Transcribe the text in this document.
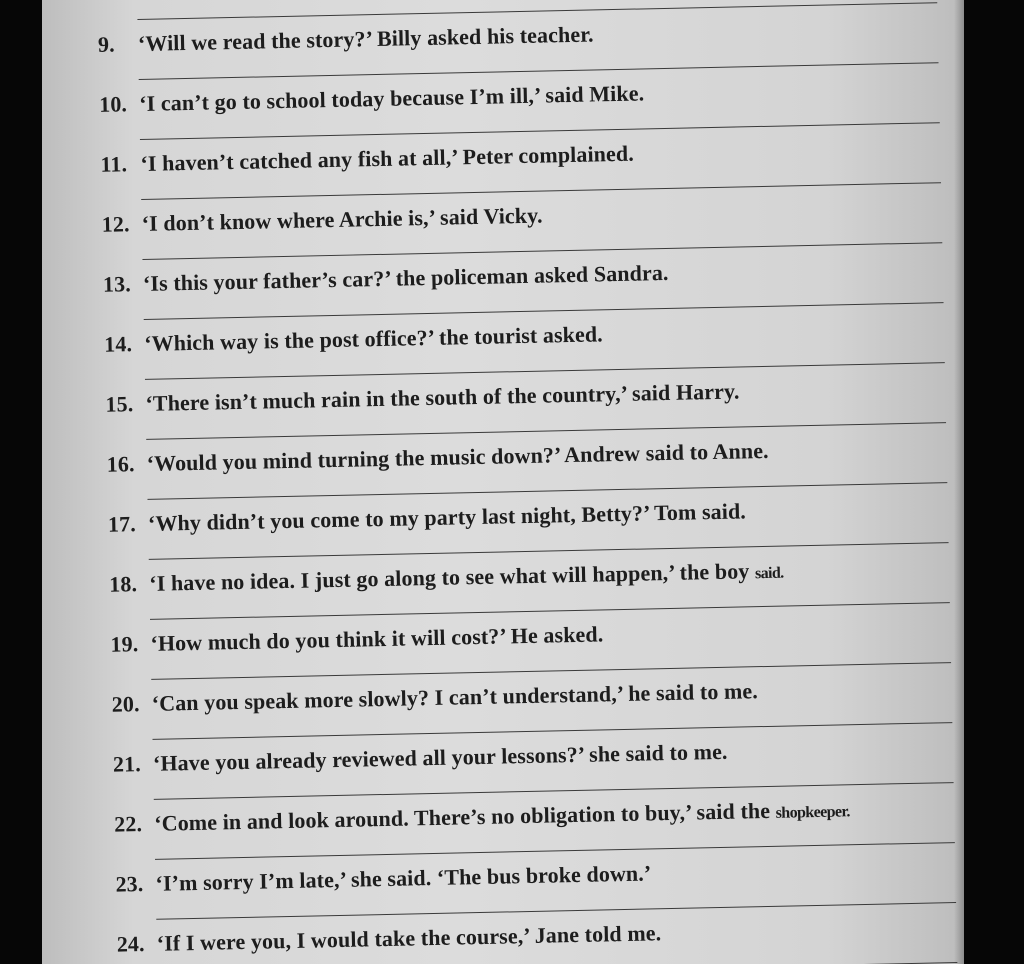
9.	‘Will we read the story?’ Billy asked his teacher.
10. ‘I can’t go to school today because I’m ill,’ said Mike.
11. ‘I haven’t catched any fish at all,’ Peter complained.
12. ‘I don’t know where Archie is,’ said Vicky.
13. ‘Is this your father’s car?’ the policeman asked Sandra.
14. ‘Which way is the post office?’ the tourist asked.
15. ‘There isn’t much rain in the south of the country,’ said Harry.
16. ‘Would you mind turning the music down?’ Andrew said to Anne.
17. ‘Why didn’t you come to my party last night, Betty?’ Tom said.
18. ‘I have no idea. I just go along to see what will happen,’ the boy said.
19. ‘How much do you think it will cost?’ He asked.
20. ‘Can you speak more slowly? I can’t understand,’ he said to me.
21. ‘Have you already reviewed all your lessons?’ she said to me.
22. ‘Come in and look around. There’s no obligation to buy,’ said the shopkeeper.
23. ‘I’m sorry I’m late,’ she said. ‘The bus broke down.’
24. ‘If I were you, I would take the course,’ Jane told me.
